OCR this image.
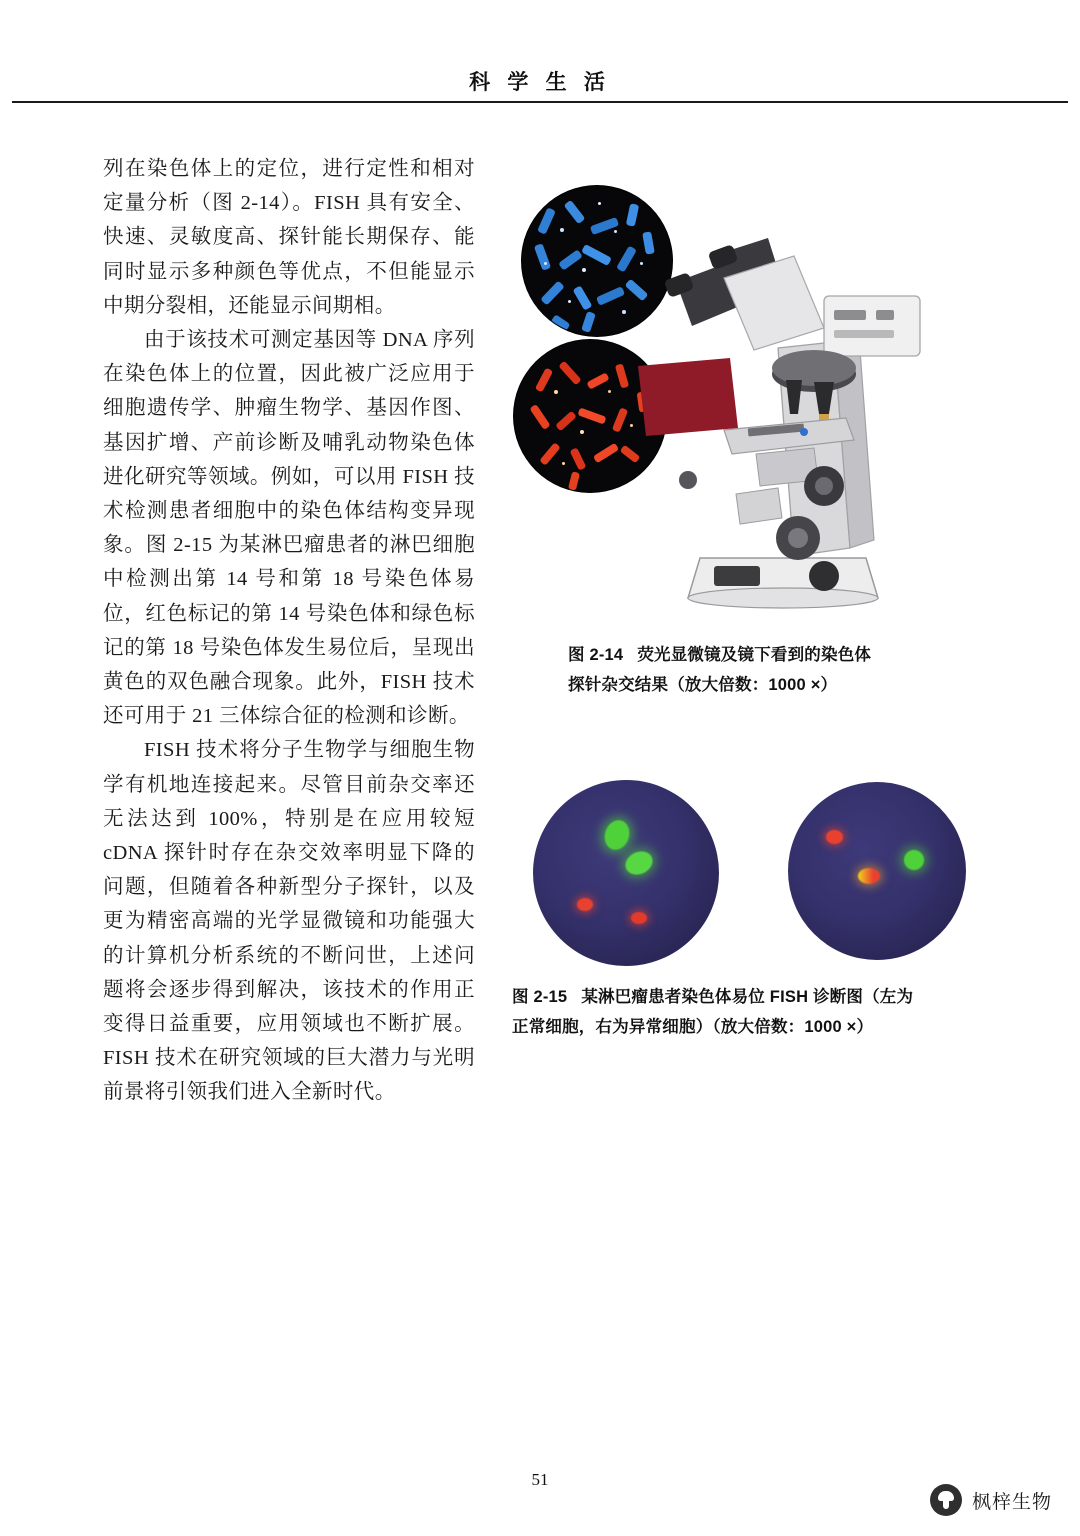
科 学 生 活

列在染色体上的定位，进行定性和相对定量分析（图 2-14）。FISH 具有安全、快速、灵敏度高、探针能长期保存、能同时显示多种颜色等优点，不但能显示中期分裂相，还能显示间期相。

由于该技术可测定基因等 DNA 序列在染色体上的位置，因此被广泛应用于细胞遗传学、肿瘤生物学、基因作图、基因扩增、产前诊断及哺乳动物染色体进化研究等领域。例如，可以用 FISH 技术检测患者细胞中的染色体结构变异现象。图 2-15 为某淋巴瘤患者的淋巴细胞中检测出第 14 号和第 18 号染色体易位，红色标记的第 14 号染色体和绿色标记的第 18 号染色体发生易位后，呈现出黄色的双色融合现象。此外，FISH 技术还可用于 21 三体综合征的检测和诊断。

FISH 技术将分子生物学与细胞生物学有机地连接起来。尽管目前杂交率还无法达到 100%，特别是在应用较短 cDNA 探针时存在杂交效率明显下降的问题，但随着各种新型分子探针，以及更为精密高端的光学显微镜和功能强大的计算机分析系统的不断问世，上述问题将会逐步得到解决，该技术的作用正变得日益重要，应用领域也不断扩展。FISH 技术在研究领域的巨大潜力与光明前景将引领我们进入全新时代。

图 2-14 荧光显微镜及镜下看到的染色体
探针杂交结果（放大倍数：1000 ×）
图 2-15 某淋巴瘤患者染色体易位 FISH 诊断图（左为
正常细胞，右为异常细胞）（放大倍数：1000 ×）
51
枫梓生物
